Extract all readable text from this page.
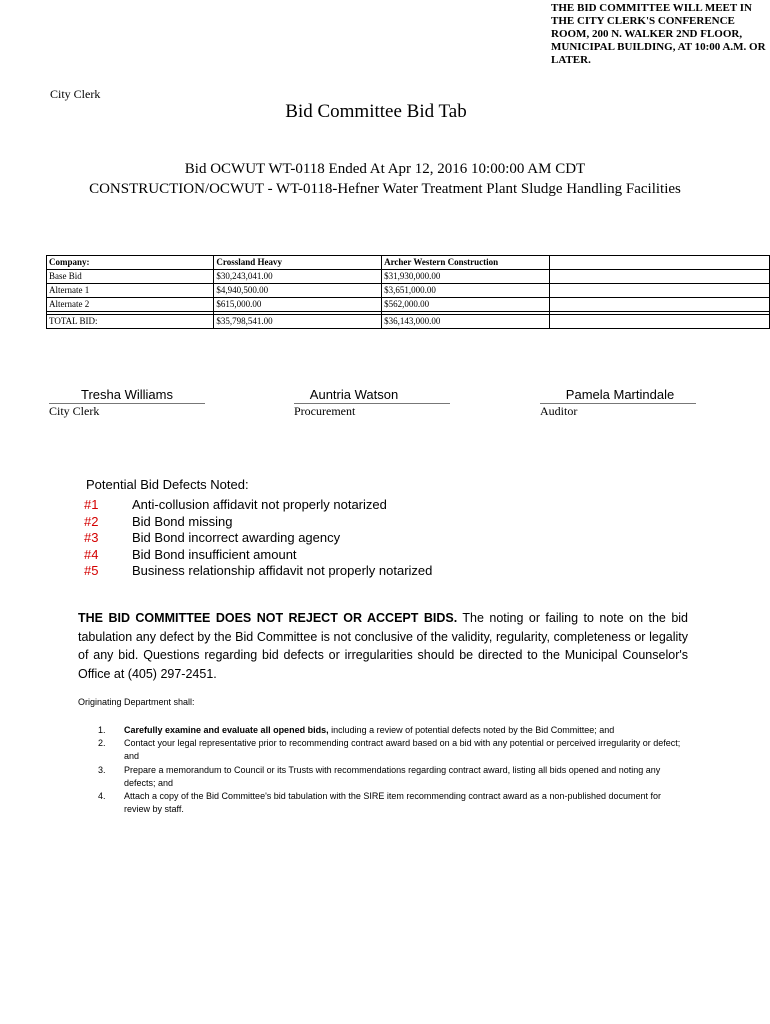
THE BID COMMITTEE WILL MEET IN THE CITY CLERK'S CONFERENCE ROOM, 200 N. WALKER 2ND FLOOR, MUNICIPAL BUILDING, AT 10:00 A.M. OR LATER.
City Clerk
Bid Committee Bid Tab
Bid OCWUT WT-0118 Ended At Apr 12, 2016 10:00:00 AM CDT
CONSTRUCTION/OCWUT - WT-0118-Hefner Water Treatment Plant Sludge Handling Facilities
Company:	Crossland Heavy	Archer Western Construction	
Base Bid	$30,243,041.00	$31,930,000.00	
Alternate 1	$4,940,500.00	$3,651,000.00	
Alternate 2	$615,000.00	$562,000.00	

TOTAL BID:	$35,798,541.00	$36,143,000.00	
Tresha Williams
City Clerk
Auntria Watson
Procurement
Pamela Martindale
Auditor
Potential Bid Defects Noted:
#1	Anti-collusion affidavit not properly notarized
#2	Bid Bond missing
#3	Bid Bond incorrect awarding agency
#4	Bid Bond insufficient amount
#5	Business relationship affidavit not properly notarized
THE BID COMMITTEE DOES NOT REJECT OR ACCEPT BIDS. The noting or failing to note on the bid tabulation any defect by the Bid Committee is not conclusive of the validity, regularity, completeness or legality of any bid. Questions regarding bid defects or irregularities should be directed to the Municipal Counselor's Office at (405) 297-2451.
Originating Department shall:
1.	Carefully examine and evaluate all opened bids, including a review of potential defects noted by the Bid Committee; and
2.	Contact your legal representative prior to recommending contract award based on a bid with any potential or perceived irregularity or defect; and
3.	Prepare a memorandum to Council or its Trusts with recommendations regarding contract award, listing all bids opened and noting any defects; and
4.	Attach a copy of the Bid Committee's bid tabulation with the SIRE item recommending contract award as a non-published document for review by staff.
